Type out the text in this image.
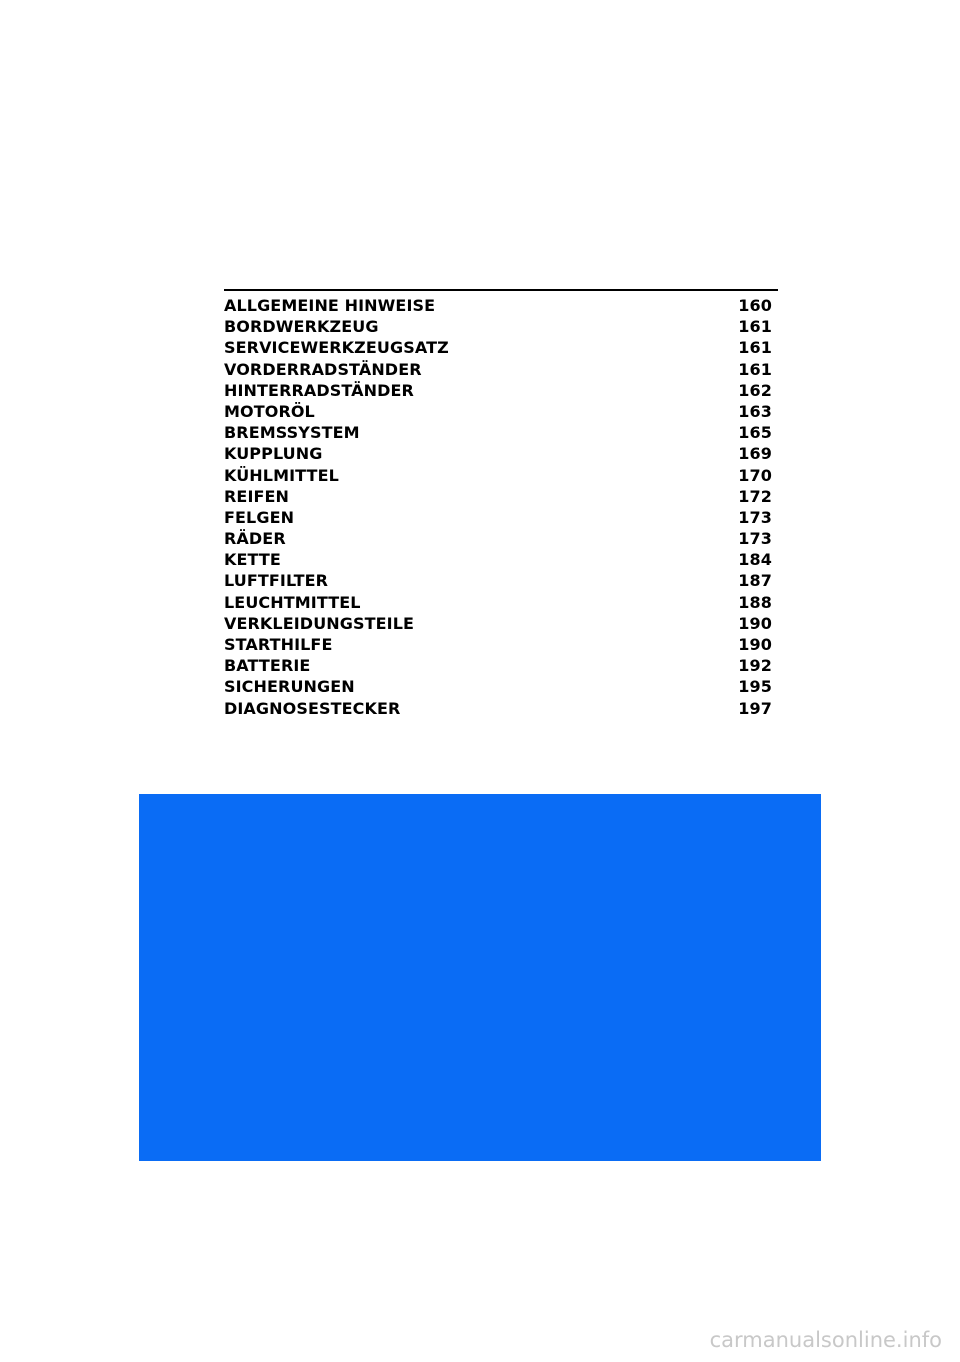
ALLGEMEINE HINWEISE	160
BORDWERKZEUG	161
SERVICEWERKZEUGSATZ	161
VORDERRADSTÄNDER	161
HINTERRADSTÄNDER	162
MOTORÖL	163
BREMSSYSTEM	165
KUPPLUNG	169
KÜHLMITTEL	170
REIFEN	172
FELGEN	173
RÄDER	173
KETTE	184
LUFTFILTER	187
LEUCHTMITTEL	188
VERKLEIDUNGSTEILE	190
STARTHILFE	190
BATTERIE	192
SICHERUNGEN	195
DIAGNOSESTECKER	197
carmanualsonline.info
